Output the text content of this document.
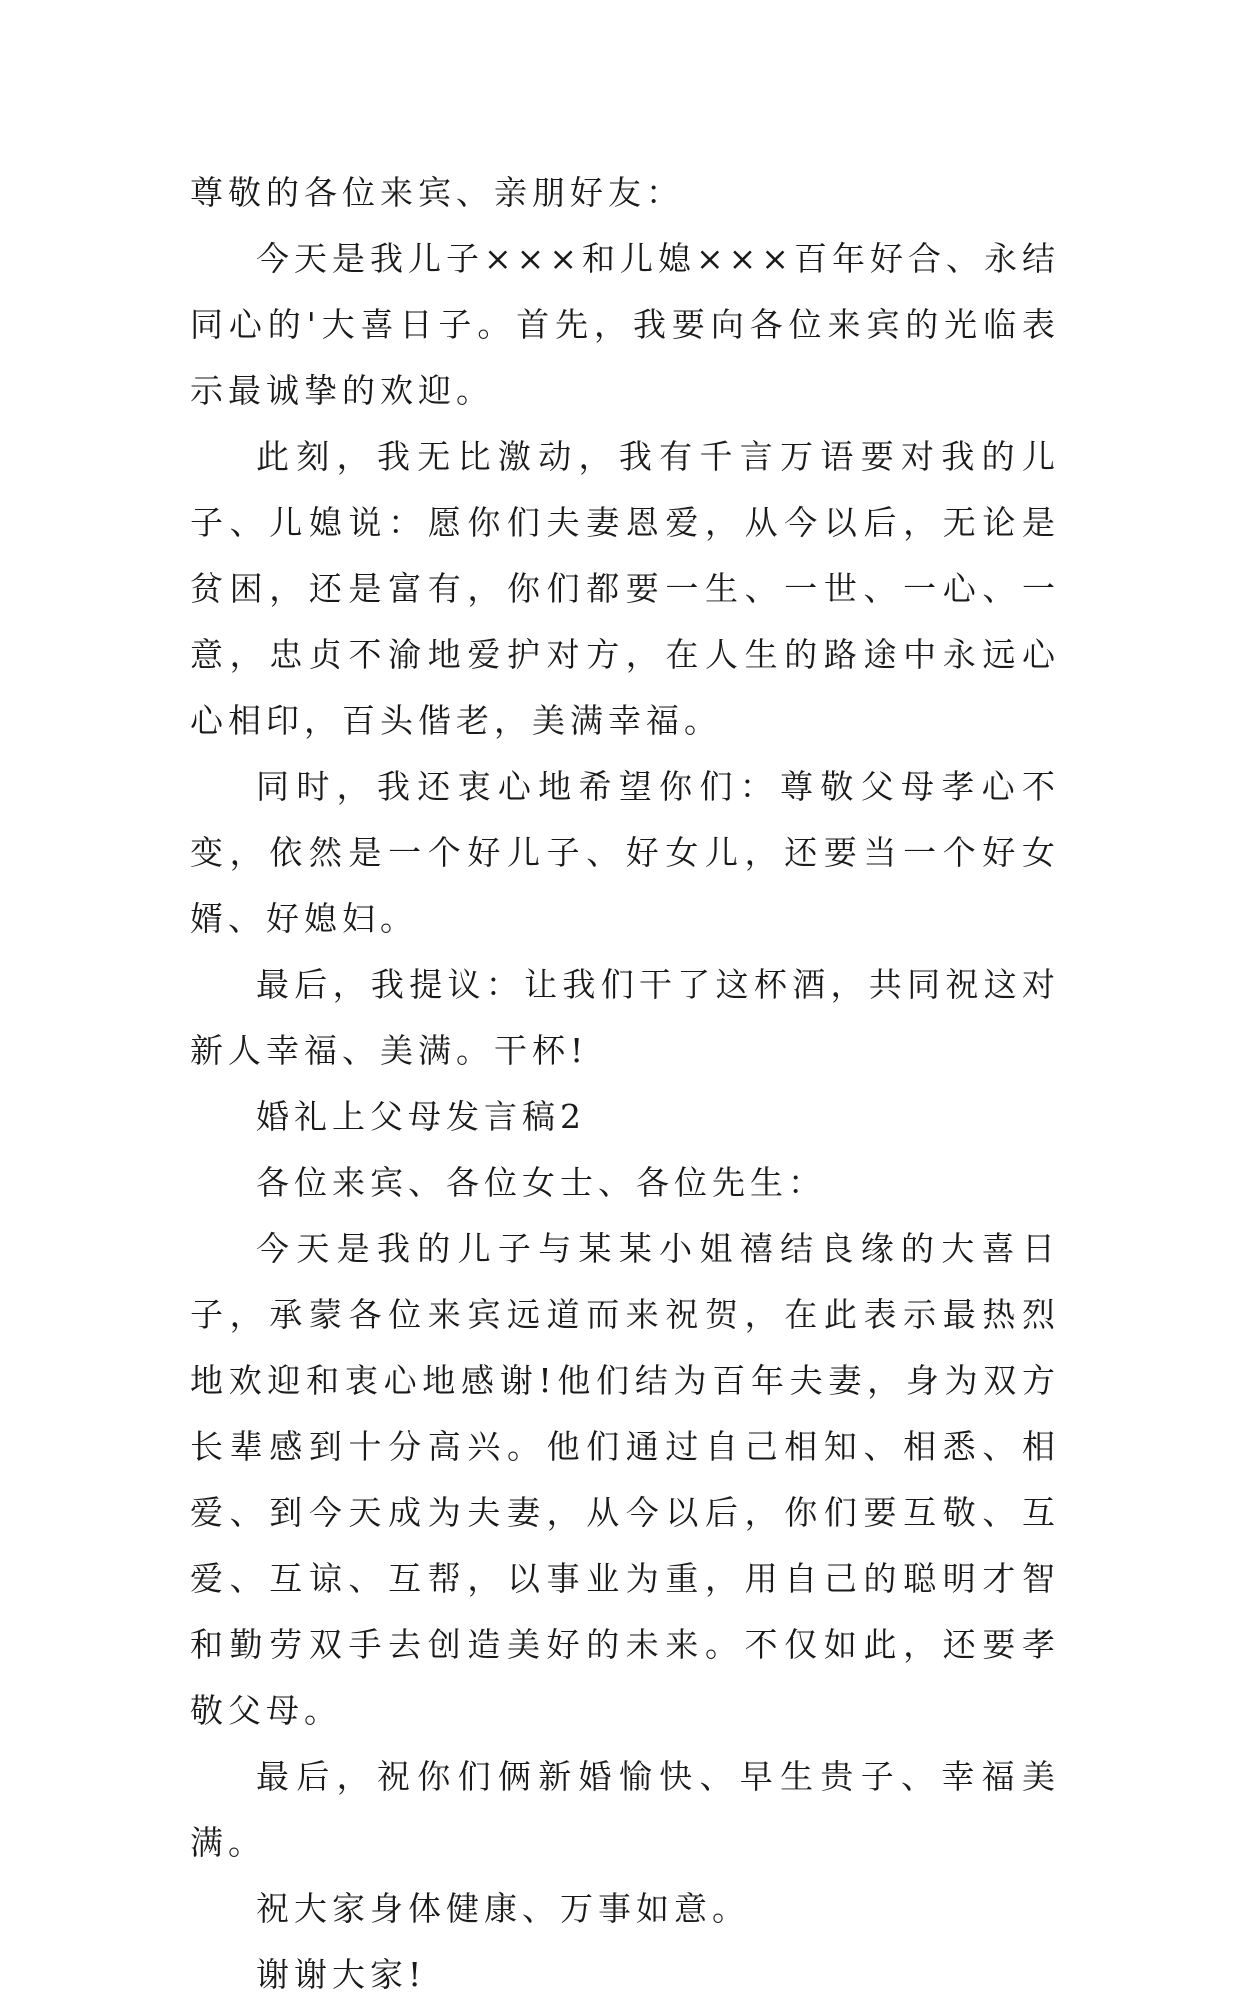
尊敬的各位来宾、亲朋好友：

今天是我儿子×××和儿媳×××百年好合、永结同心的'大喜日子。首先，我要向各位来宾的光临表示最诚挚的欢迎。

此刻，我无比激动，我有千言万语要对我的儿子、儿媳说：愿你们夫妻恩爱，从今以后，无论是贫困，还是富有，你们都要一生、一世、一心、一意，忠贞不渝地爱护对方，在人生的路途中永远心心相印，百头偕老，美满幸福。

同时，我还衷心地希望你们：尊敬父母孝心不变，依然是一个好儿子、好女儿，还要当一个好女婿、好媳妇。

最后，我提议：让我们干了这杯酒，共同祝这对新人幸福、美满。干杯!

婚礼上父母发言稿2

各位来宾、各位女士、各位先生：

今天是我的儿子与某某小姐禧结良缘的大喜日子，承蒙各位来宾远道而来祝贺，在此表示最热烈地欢迎和衷心地感谢!他们结为百年夫妻，身为双方长辈感到十分高兴。他们通过自己相知、相悉、相爱、到今天成为夫妻，从今以后，你们要互敬、互爱、互谅、互帮，以事业为重，用自己的聪明才智和勤劳双手去创造美好的未来。不仅如此，还要孝敬父母。

最后，祝你们俩新婚愉快、早生贵子、幸福美满。

祝大家身体健康、万事如意。

谢谢大家!
